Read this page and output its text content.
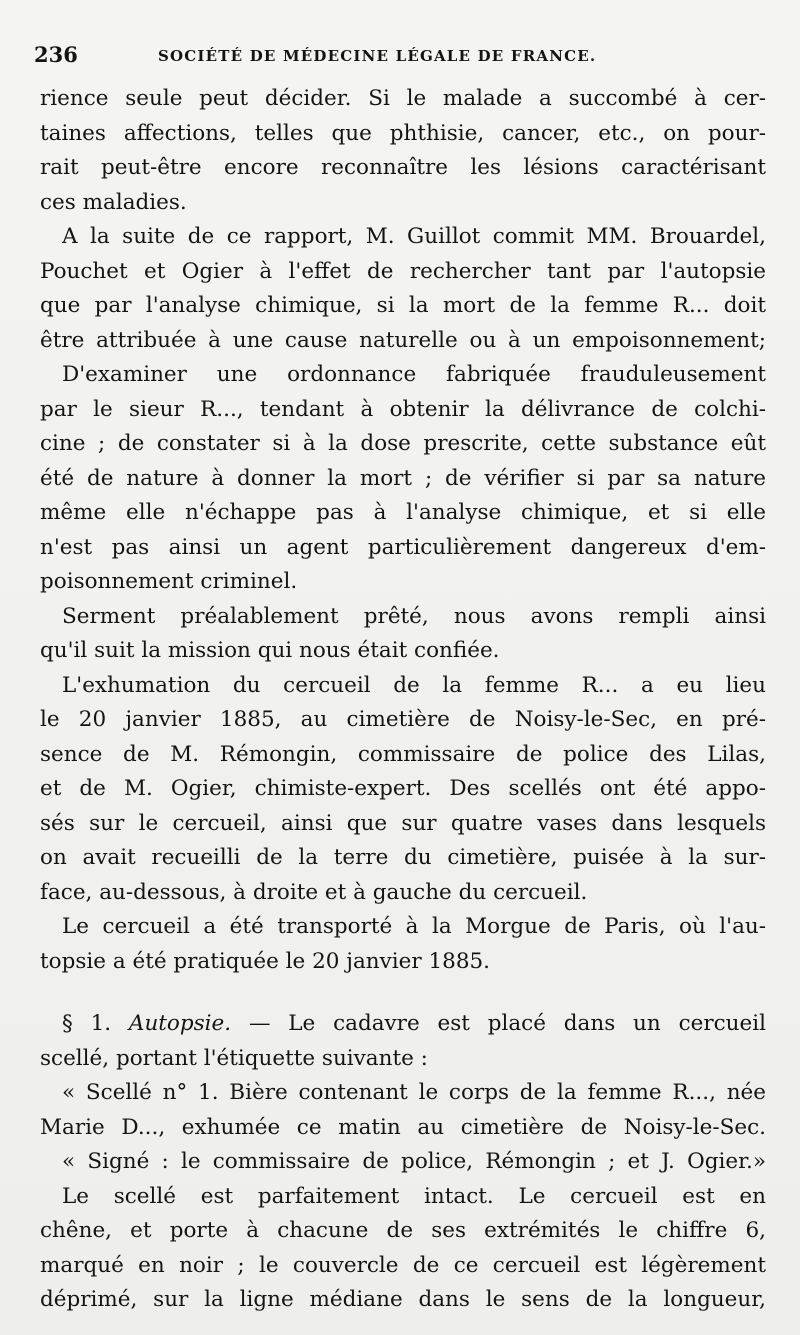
236	SOCIÉTÉ DE MÉDECINE LÉGALE DE FRANCE.
rience seule peut décider. Si le malade a succombé à cer-
taines affections, telles que phthisie, cancer, etc., on pour-
rait peut-être encore reconnaître les lésions caractérisant
ces maladies.
A la suite de ce rapport, M. Guillot commit MM. Brouardel,
Pouchet et Ogier à l'effet de rechercher tant par l'autopsie
que par l'analyse chimique, si la mort de la femme R... doit
être attribuée à une cause naturelle ou à un empoisonnement;
D'examiner une ordonnance fabriquée frauduleusement
par le sieur R..., tendant à obtenir la délivrance de colchi-
cine ; de constater si à la dose prescrite, cette substance eût
été de nature à donner la mort ; de vérifier si par sa nature
même elle n'échappe pas à l'analyse chimique, et si elle
n'est pas ainsi un agent particulièrement dangereux d'em-
poisonnement criminel.
Serment préalablement prêté, nous avons rempli ainsi
qu'il suit la mission qui nous était confiée.
L'exhumation du cercueil de la femme R... a eu lieu
le 20 janvier 1885, au cimetière de Noisy-le-Sec, en pré-
sence de M. Rémongin, commissaire de police des Lilas,
et de M. Ogier, chimiste-expert. Des scellés ont été appo-
sés sur le cercueil, ainsi que sur quatre vases dans lesquels
on avait recueilli de la terre du cimetière, puisée à la sur-
face, au-dessous, à droite et à gauche du cercueil.
Le cercueil a été transporté à la Morgue de Paris, où l'au-
topsie a été pratiquée le 20 janvier 1885.
§ 1. Autopsie. — Le cadavre est placé dans un cercueil
scellé, portant l'étiquette suivante :
« Scellé n° 1. Bière contenant le corps de la femme R..., née
Marie D..., exhumée ce matin au cimetière de Noisy-le-Sec.
« Signé : le commissaire de police, Rémongin ; et J. Ogier.»
Le scellé est parfaitement intact. Le cercueil est en
chêne, et porte à chacune de ses extrémités le chiffre 6,
marqué en noir ; le couvercle de ce cercueil est légèrement
déprimé, sur la ligne médiane dans le sens de la longueur,
